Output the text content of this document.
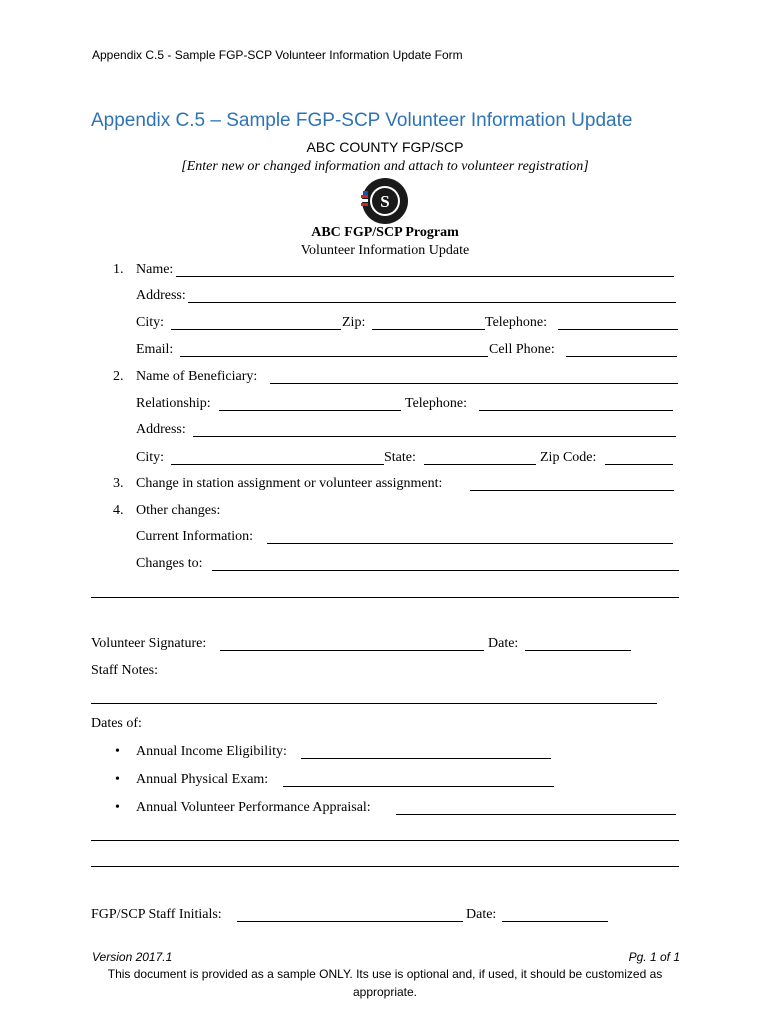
Appendix C.5 - Sample FGP-SCP Volunteer Information Update Form
Appendix C.5 – Sample FGP-SCP Volunteer Information Update
ABC COUNTY FGP/SCP
[Enter new or changed information and attach to volunteer registration]
S
ABC FGP/SCP Program
Volunteer Information Update
1. Name:
Address:
City:	Zip:	Telephone:
Email:	Cell Phone:
2. Name of Beneficiary:
Relationship:	Telephone:
Address:
City:	State:	Zip Code:
3. Change in station assignment or volunteer assignment:
4. Other changes:
Current Information:
Changes to:
Volunteer Signature:	Date:
Staff Notes:
Dates of:
• Annual Income Eligibility:
• Annual Physical Exam:
• Annual Volunteer Performance Appraisal:
FGP/SCP Staff Initials:	Date:
Version 2017.1	Pg. 1 of 1
This document is provided as a sample ONLY. Its use is optional and, if used, it should be customized as
appropriate.
